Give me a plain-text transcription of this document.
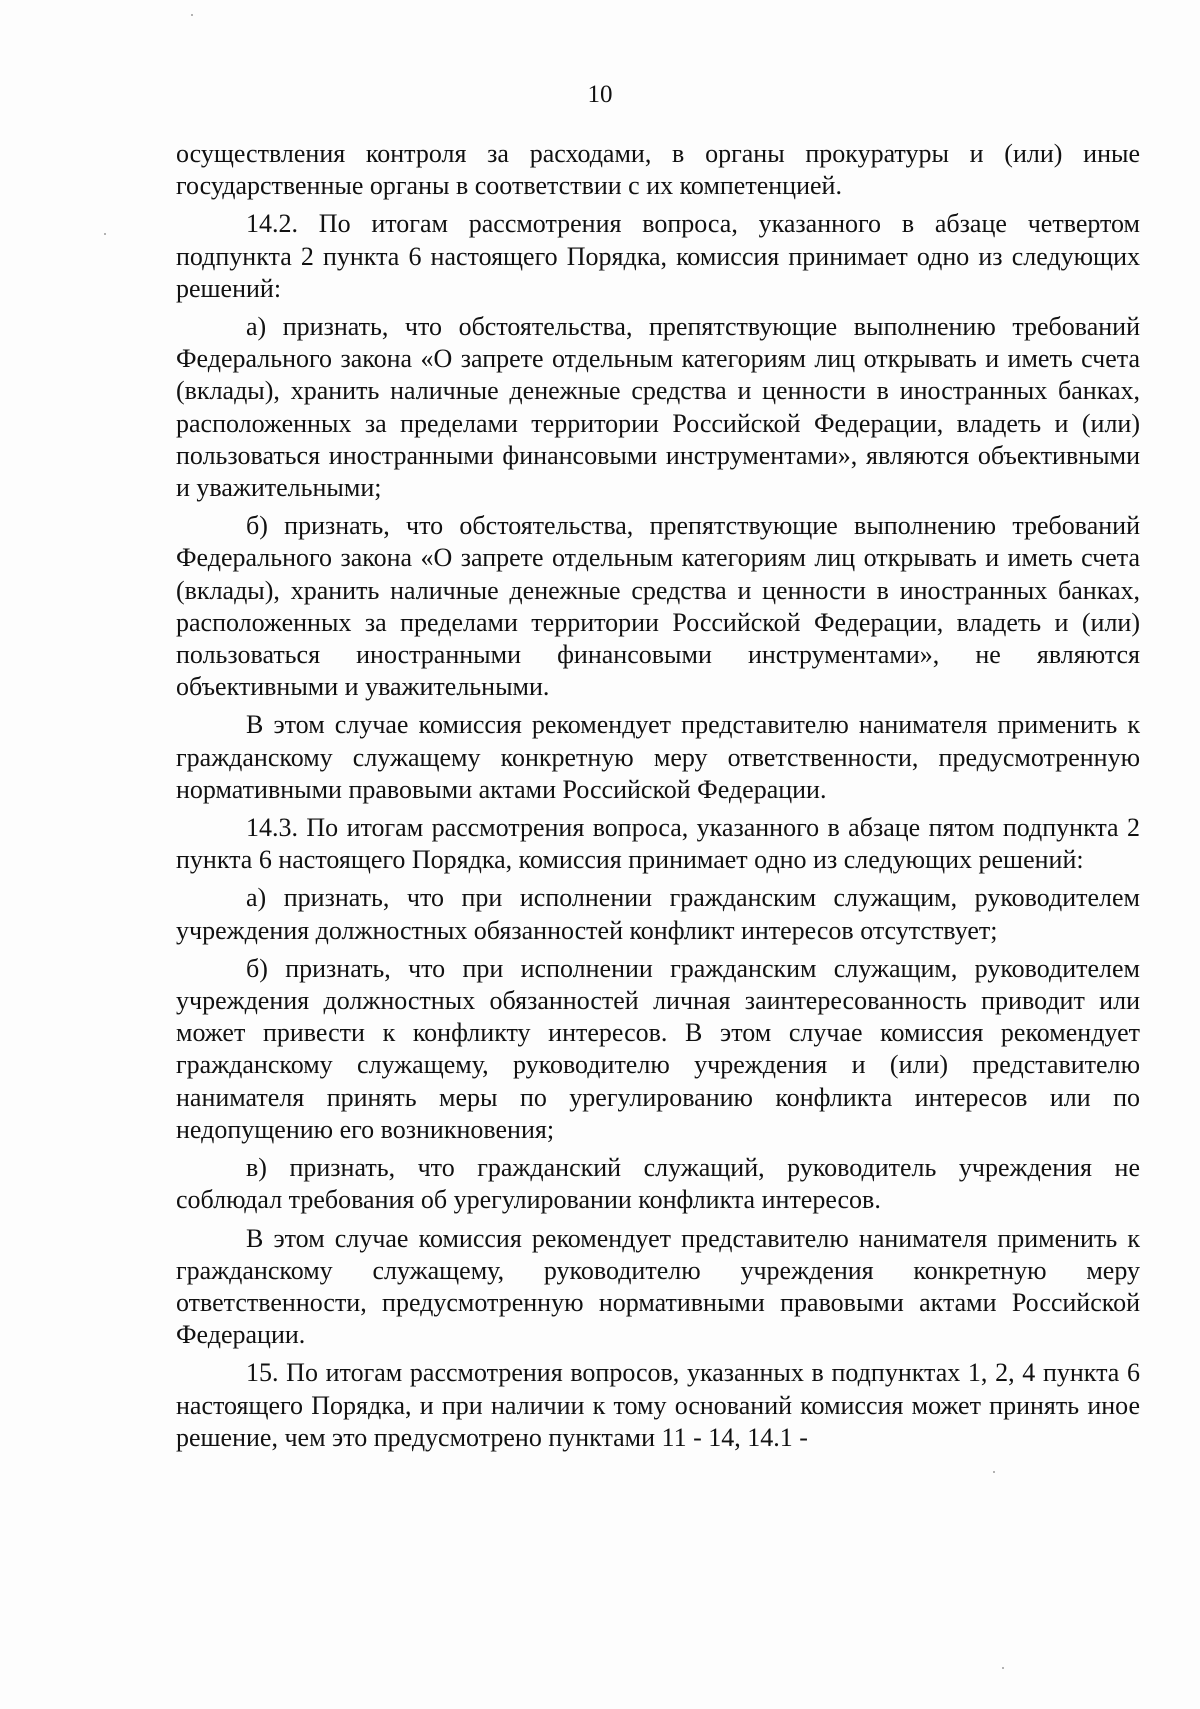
10

осуществления контроля за расходами, в органы прокуратуры и (или) иные государственные органы в соответствии с их компетенцией.

14.2. По итогам рассмотрения вопроса, указанного в абзаце четвертом подпункта 2 пункта 6 настоящего Порядка, комиссия принимает одно из следующих решений:

а) признать, что обстоятельства, препятствующие выполнению требований Федерального закона «О запрете отдельным категориям лиц открывать и иметь счета (вклады), хранить наличные денежные средства и ценности в иностранных банках, расположенных за пределами территории Российской Федерации, владеть и (или) пользоваться иностранными финансовыми инструментами», являются объективными и уважительными;

б) признать, что обстоятельства, препятствующие выполнению требований Федерального закона «О запрете отдельным категориям лиц открывать и иметь счета (вклады), хранить наличные денежные средства и ценности в иностранных банках, расположенных за пределами территории Российской Федерации, владеть и (или) пользоваться иностранными финансовыми инструментами», не являются объективными и уважительными.

В этом случае комиссия рекомендует представителю нанимателя применить к гражданскому служащему конкретную меру ответственности, предусмотренную нормативными правовыми актами Российской Федерации.

14.3. По итогам рассмотрения вопроса, указанного в абзаце пятом подпункта 2 пункта 6 настоящего Порядка, комиссия принимает одно из следующих решений:

а) признать, что при исполнении гражданским служащим, руководителем учреждения должностных обязанностей конфликт интересов отсутствует;

б) признать, что при исполнении гражданским служащим, руководителем учреждения должностных обязанностей личная заинтересованность приводит или может привести к конфликту интересов. В этом случае комиссия рекомендует гражданскому служащему, руководителю учреждения и (или) представителю нанимателя принять меры по урегулированию конфликта интересов или по недопущению его возникновения;

в) признать, что гражданский служащий, руководитель учреждения не соблюдал требования об урегулировании конфликта интересов.

В этом случае комиссия рекомендует представителю нанимателя применить к гражданскому служащему, руководителю учреждения конкретную меру ответственности, предусмотренную нормативными правовыми актами Российской Федерации.

15. По итогам рассмотрения вопросов, указанных в подпунктах 1, 2, 4 пункта 6 настоящего Порядка, и при наличии к тому оснований комиссия может принять иное решение, чем это предусмотрено пунктами 11 - 14, 14.1 -
